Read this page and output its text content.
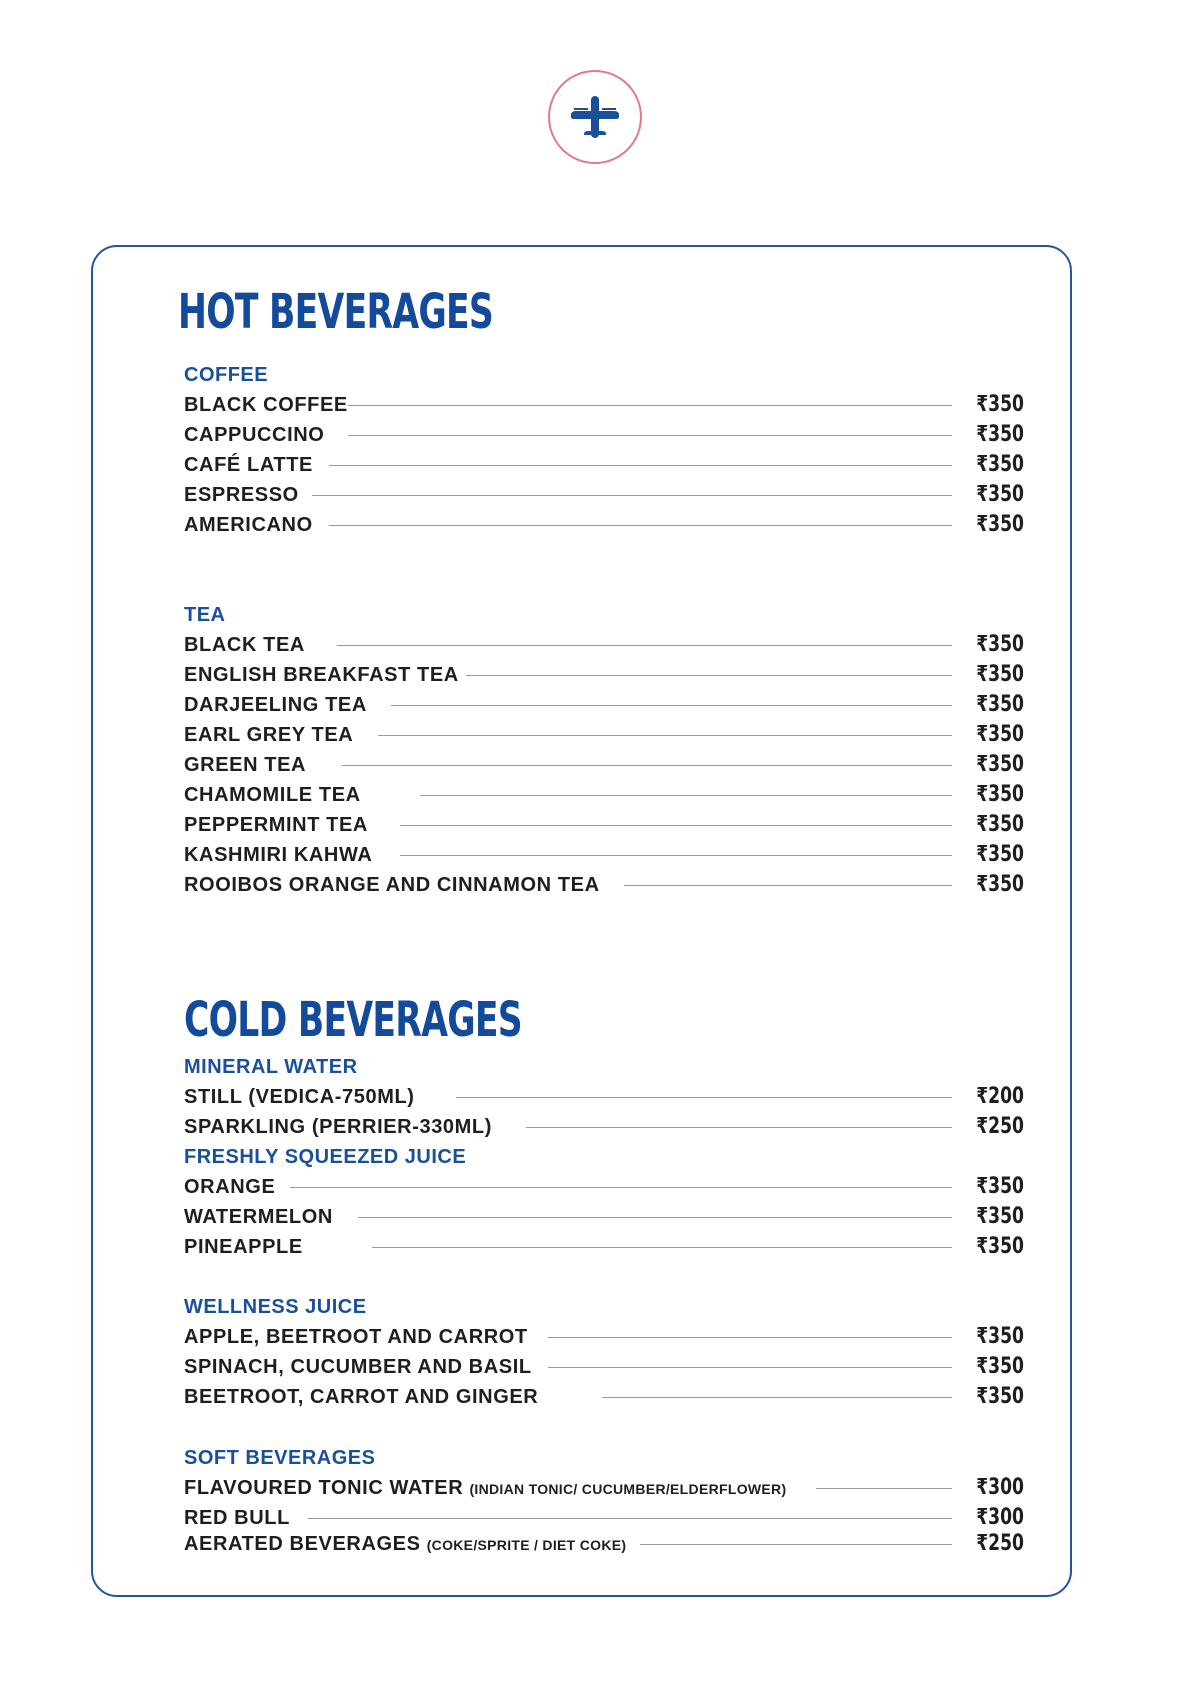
HOT BEVERAGES
COFFEE
BLACK COFFEE	₹350
CAPPUCCINO	₹350
CAFÉ LATTE	₹350
ESPRESSO	₹350
AMERICANO	₹350
TEA
BLACK TEA	₹350
ENGLISH BREAKFAST TEA	₹350
DARJEELING TEA	₹350
EARL GREY TEA	₹350
GREEN TEA	₹350
CHAMOMILE TEA	₹350
PEPPERMINT TEA	₹350
KASHMIRI KAHWA	₹350
ROOIBOS ORANGE AND CINNAMON TEA	₹350
COLD BEVERAGES
MINERAL WATER
STILL (VEDICA-750ML)	₹200
SPARKLING (PERRIER-330ML)	₹250
FRESHLY SQUEEZED JUICE
ORANGE	₹350
WATERMELON	₹350
PINEAPPLE	₹350
WELLNESS JUICE
APPLE, BEETROOT AND CARROT	₹350
SPINACH, CUCUMBER AND BASIL	₹350
BEETROOT, CARROT AND GINGER	₹350
SOFT BEVERAGES
FLAVOURED TONIC WATER (INDIAN TONIC/ CUCUMBER/ELDERFLOWER)	₹300
RED BULL	₹300
AERATED BEVERAGES (COKE/SPRITE / DIET COKE)	₹250
